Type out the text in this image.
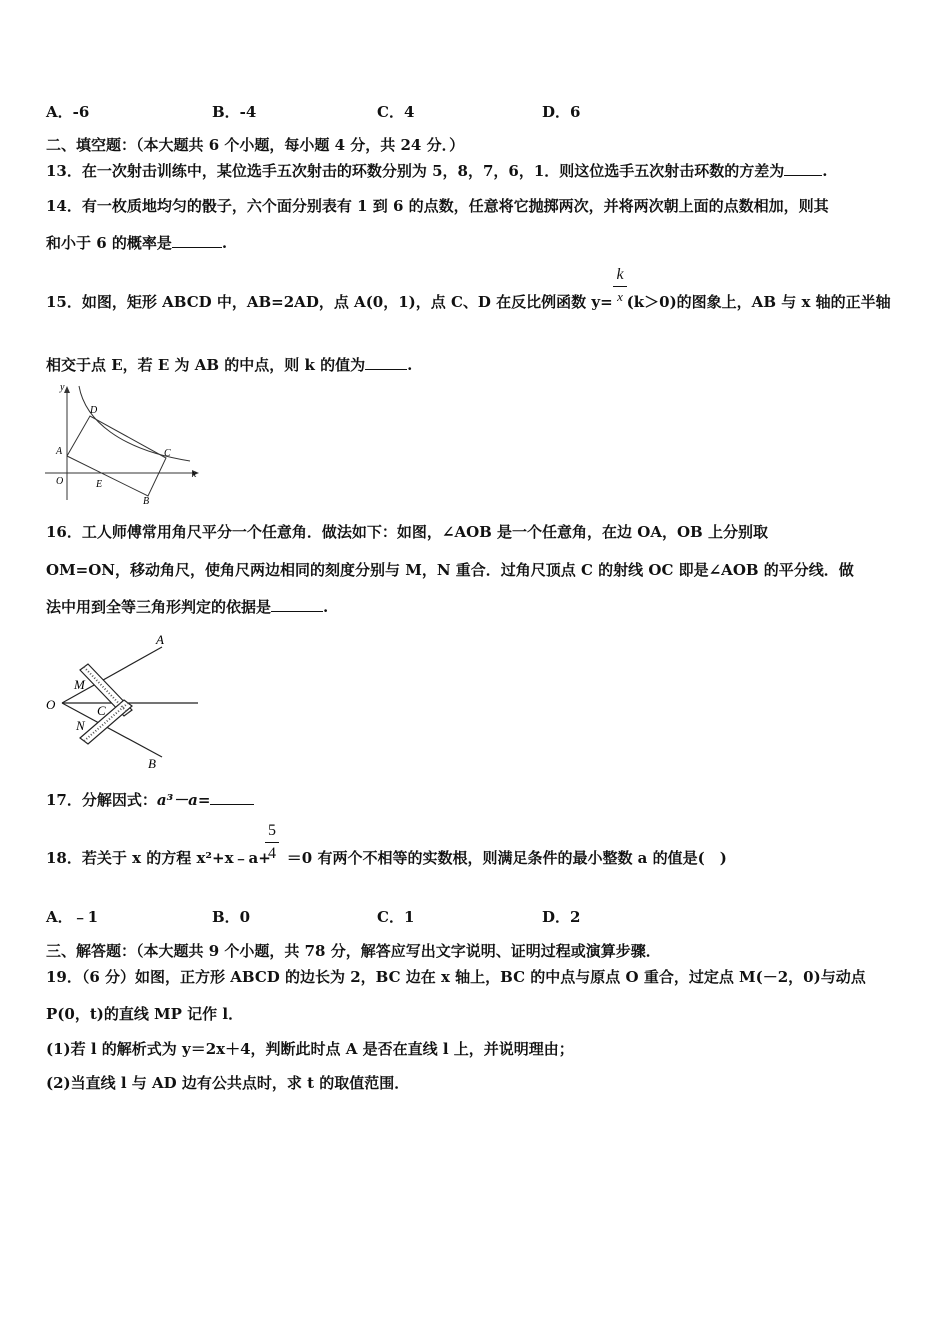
A．-6	B．-4	C．4	D．6
二、填空题：（本大题共 6 个小题，每小题 4 分，共 24 分．）
13．在一次射击训练中，某位选手五次射击的环数分别为 5，8，7，6，1．则这位选手五次射击环数的方差为	.
14．有一枚质地均匀的骰子，六个面分别表有 1 到 6 的点数，任意将它抛掷两次，并将两次朝上面的点数相加，则其
和小于 6 的概率是	.
15．如图，矩形 ABCD 中，AB=2AD，点 A(0，1)，点 C、D 在反比例函数 y= (k＞0)的图象上，AB 与 x 轴的正半轴
k
x
相交于点 E，若 E 为 AB 的中点，则 k 的值为	.
y
x
O
A
D
C
E
B
16．工人师傅常用角尺平分一个任意角．做法如下：如图，∠AOB 是一个任意角，在边 OA，OB 上分别取
OM=ON，移动角尺，使角尺两边相同的刻度分别与 M，N 重合．过角尺顶点 C 的射线 OC 即是∠AOB 的平分线．做
法中用到全等三角形判定的依据是	.
A
B
O
M
N
C
17．分解因式：a³－a=
18．若关于 x 的方程 x²+x﹣a+ ＝0 有两个不相等的实数根，则满足条件的最小整数 a 的值是(　)
5
4
A．﹣1	B．0	C．1	D．2
三、解答题：（本大题共 9 个小题，共 78 分，解答应写出文字说明、证明过程或演算步骤．
19．（6 分）如图，正方形 ABCD 的边长为 2，BC 边在 x 轴上，BC 的中点与原点 O 重合，过定点 M(－2，0)与动点
P(0，t)的直线 MP 记作 l．
(1)若 l 的解析式为 y＝2x＋4，判断此时点 A 是否在直线 l 上，并说明理由；
(2)当直线 l 与 AD 边有公共点时，求 t 的取值范围．
